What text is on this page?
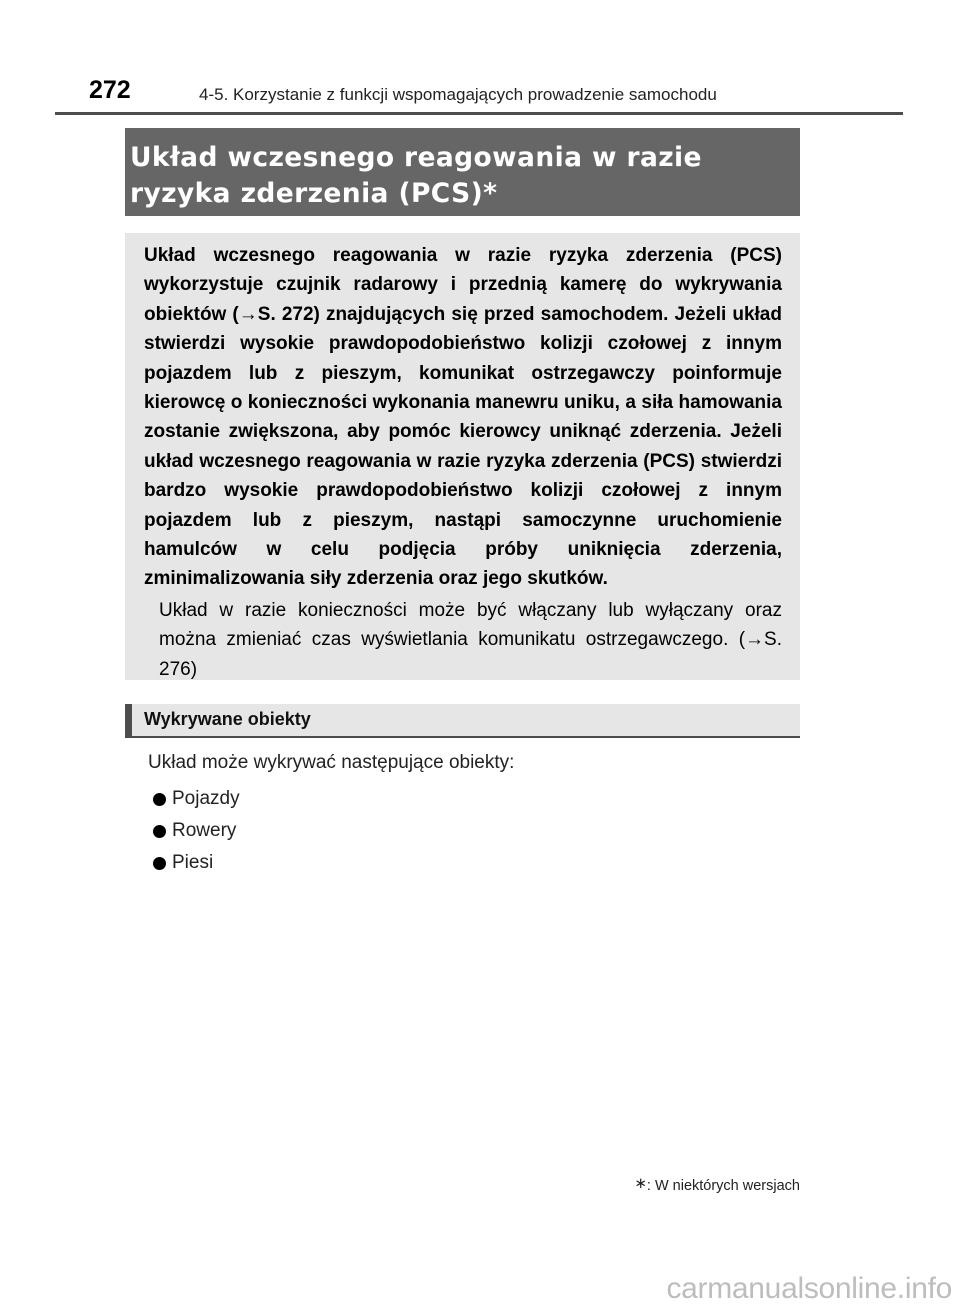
272	4-5. Korzystanie z funkcji wspomagających prowadzenie samochodu
Układ wczesnego reagowania w razie
ryzyka zderzenia (PCS)*

Układ wczesnego reagowania w razie ryzyka zderzenia (PCS) wykorzystuje czujnik radarowy i przednią kamerę do wykrywania obiektów (→S. 272) znajdujących się przed samochodem. Jeżeli układ stwierdzi wysokie prawdopodobieństwo kolizji czołowej z innym pojazdem lub z pieszym, komunikat ostrzegawczy poinformuje kierowcę o konieczności wykonania manewru uniku, a siła hamowania zostanie zwiększona, aby pomóc kierowcy uniknąć zderzenia. Jeżeli układ wczesnego reagowania w razie ryzyka zderzenia (PCS) stwierdzi bardzo wysokie prawdopodobieństwo kolizji czołowej z innym pojazdem lub z pieszym, nastąpi samoczynne uruchomienie hamulców w celu podjęcia próby uniknięcia zderzenia, zminimalizowania siły zderzenia oraz jego skutków.

Układ w razie konieczności może być włączany lub wyłączany oraz można zmieniać czas wyświetlania komunikatu ostrzegawczego. (→S. 276)

Wykrywane obiekty
Układ może wykrywać następujące obiekty:
Pojazdy
Rowery
Piesi
∗: W niektórych wersjach
carmanualsonline.info
